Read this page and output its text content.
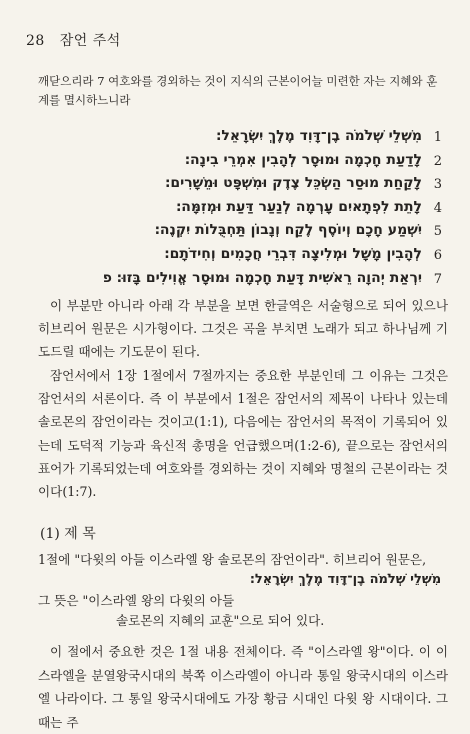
28 잠언 주석
깨닫으리라 7 여호와를 경외하는 것이 지식의 근본이어늘 미련한 자는 지혜와 훈계를 멸시하느니라
מִשְׁלֵי שְׁלֹמֹה בֶן־דָּוִד מֶלֶךְ יִשְׂרָאֵל׃ 1
לָדַעַת חָכְמָה וּמוּסָר לְהָבִין אִמְרֵי בִינָה׃ 2
לָקַחַת מוּסַר הַשְׂכֵּל צֶדֶק וּמִשְׁפָּט וּמֵשָׁרִים׃ 3
לָתֵת לִפְתָאיִם עָרְמָה לְנַעַר דַּעַת וּמְזִמָּה׃ 4
יִשְׁמַע חָכָם וְיוֹסֶף לֶקַח וְנָבוֹן תַּחְבֻּלוֹת יִקְנֶה׃ 5
לְהָבִין מָשָׁל וּמְלִיצָה דִּבְרֵי חֲכָמִים וְחִידֹתָם׃ 6
יִרְאַת יְהוָה רֵאשִׁית דָּעַת חָכְמָה וּמוּסָר אֱוִילִים בָּזוּ׃ פ 7

이 부분만 아니라 아래 각 부분을 보면 한글역은 서술형으로 되어 있으나 히브리어 원문은 시가형이다. 그것은 곡을 부치면 노래가 되고 하나님께 기도드릴 때에는 기도문이 된다.

잠언서에서 1장 1절에서 7절까지는 중요한 부분인데 그 이유는 그것은 잠언서의 서론이다. 즉 이 부분에서 1절은 잠언서의 제목이 나타나 있는데 솔로몬의 잠언이라는 것이고(1:1), 다음에는 잠언서의 목적이 기록되어 있는데 도덕적 기능과 육신적 총명을 언급했으며(1:2-6), 끝으로는 잠언서의 표어가 기록되었는데 여호와를 경외하는 것이 지혜와 명철의 근본이라는 것이다(1:7).

(1) 제 목
1절에 "다윗의 아들 이스라엘 왕 솔로몬의 잠언이라". 히브리어 원문은,
מִשְׁלֵי שְׁלֹמֹה בֶן־דָּוִד מֶלֶךְ יִשְׂרָאֵל׃
그 뜻은 "이스라엘 왕의 다윗의 아들
솔로몬의 지혜의 교훈"으로 되어 있다.

이 절에서 중요한 것은 1절 내용 전체이다. 즉 "이스라엘 왕"이다. 이 이스라엘을 분열왕국시대의 북쪽 이스라엘이 아니라 통일 왕국시대의 이스라엘 나라이다. 그 통일 왕국시대에도 가장 황금 시대인 다윗 왕 시대이다. 그때는 주
